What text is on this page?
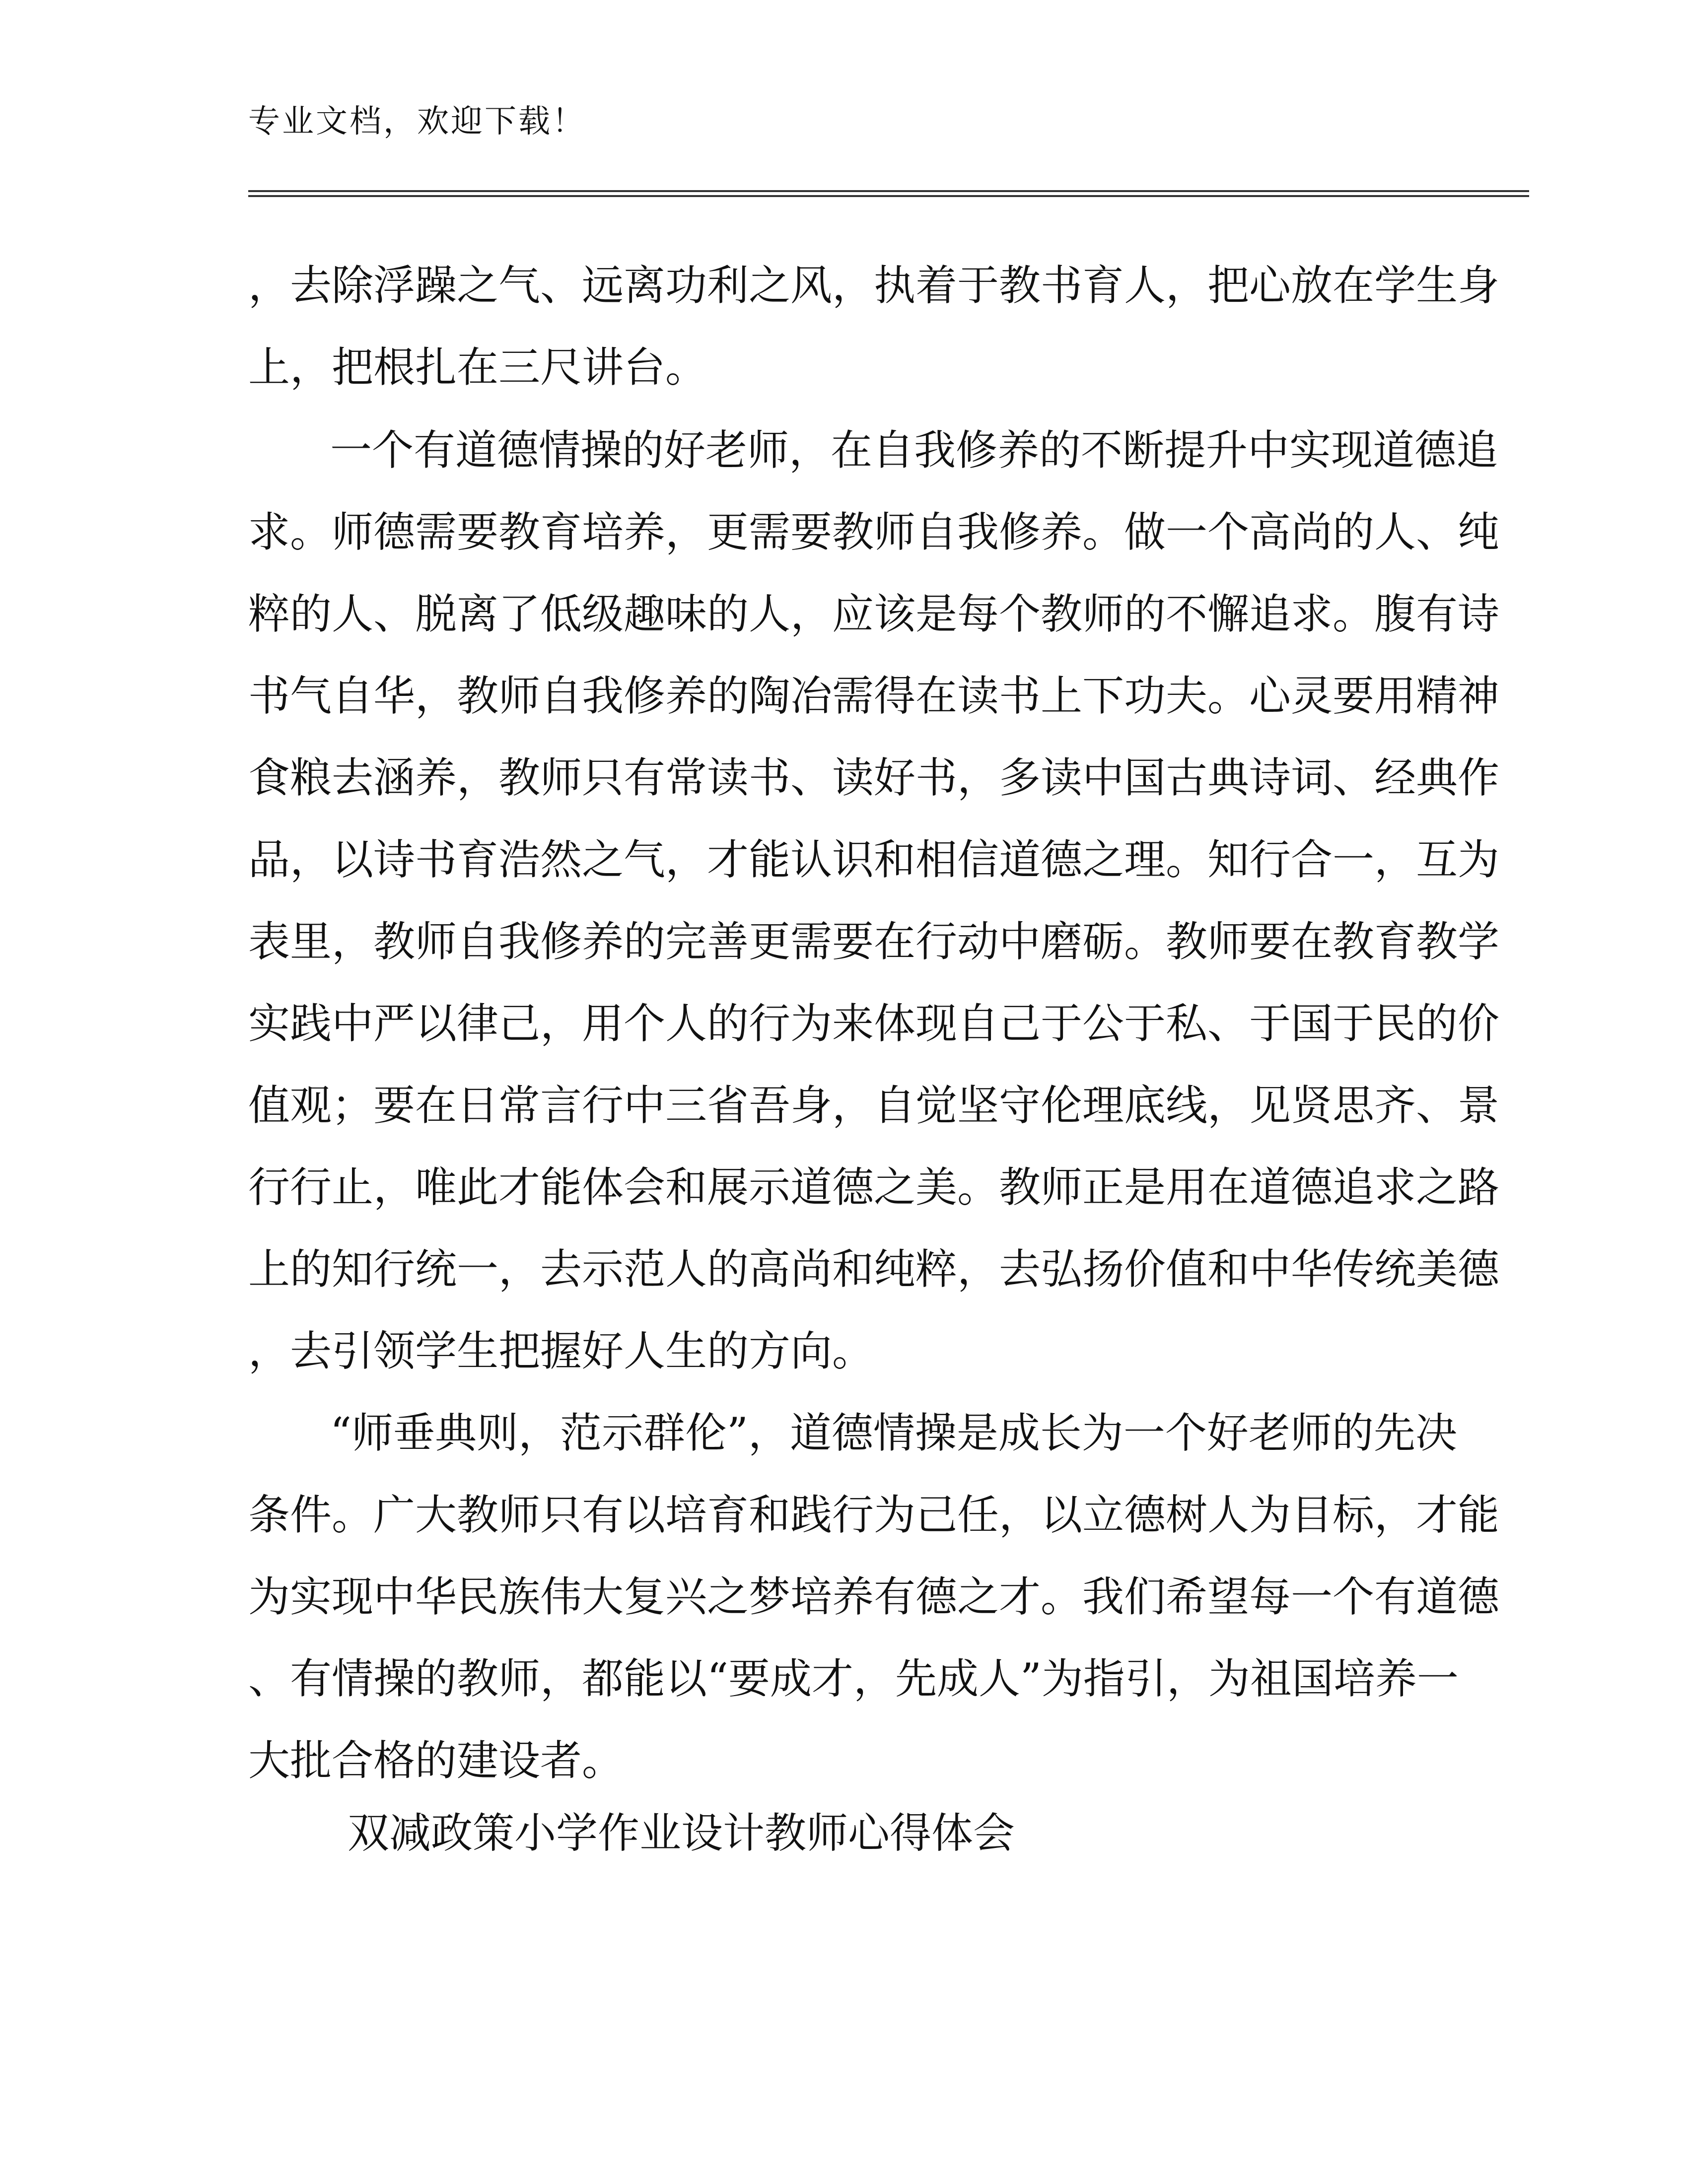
专业文档，欢迎下载！
，去除浮躁之气、远离功利之风，执着于教书育人，把心放在学生身
上，把根扎在三尺讲台。
一个有道德情操的好老师，在自我修养的不断提升中实现道德追
求。师德需要教育培养，更需要教师自我修养。做一个高尚的人、纯
粹的人、脱离了低级趣味的人，应该是每个教师的不懈追求。腹有诗
书气自华，教师自我修养的陶冶需得在读书上下功夫。心灵要用精神
食粮去涵养，教师只有常读书、读好书，多读中国古典诗词、经典作
品，以诗书育浩然之气，才能认识和相信道德之理。知行合一，互为
表里，教师自我修养的完善更需要在行动中磨砺。教师要在教育教学
实践中严以律己，用个人的行为来体现自己于公于私、于国于民的价
值观；要在日常言行中三省吾身，自觉坚守伦理底线，见贤思齐、景
行行止，唯此才能体会和展示道德之美。教师正是用在道德追求之路
上的知行统一，去示范人的高尚和纯粹，去弘扬价值和中华传统美德
，去引领学生把握好人生的方向。
“师垂典则，范示群伦”，道德情操是成长为一个好老师的先决
条件。广大教师只有以培育和践行为己任，以立德树人为目标，才能
为实现中华民族伟大复兴之梦培养有德之才。我们希望每一个有道德
、有情操的教师，都能以“要成才，先成人”为指引，为祖国培养一
大批合格的建设者。
双减政策小学作业设计教师心得体会
